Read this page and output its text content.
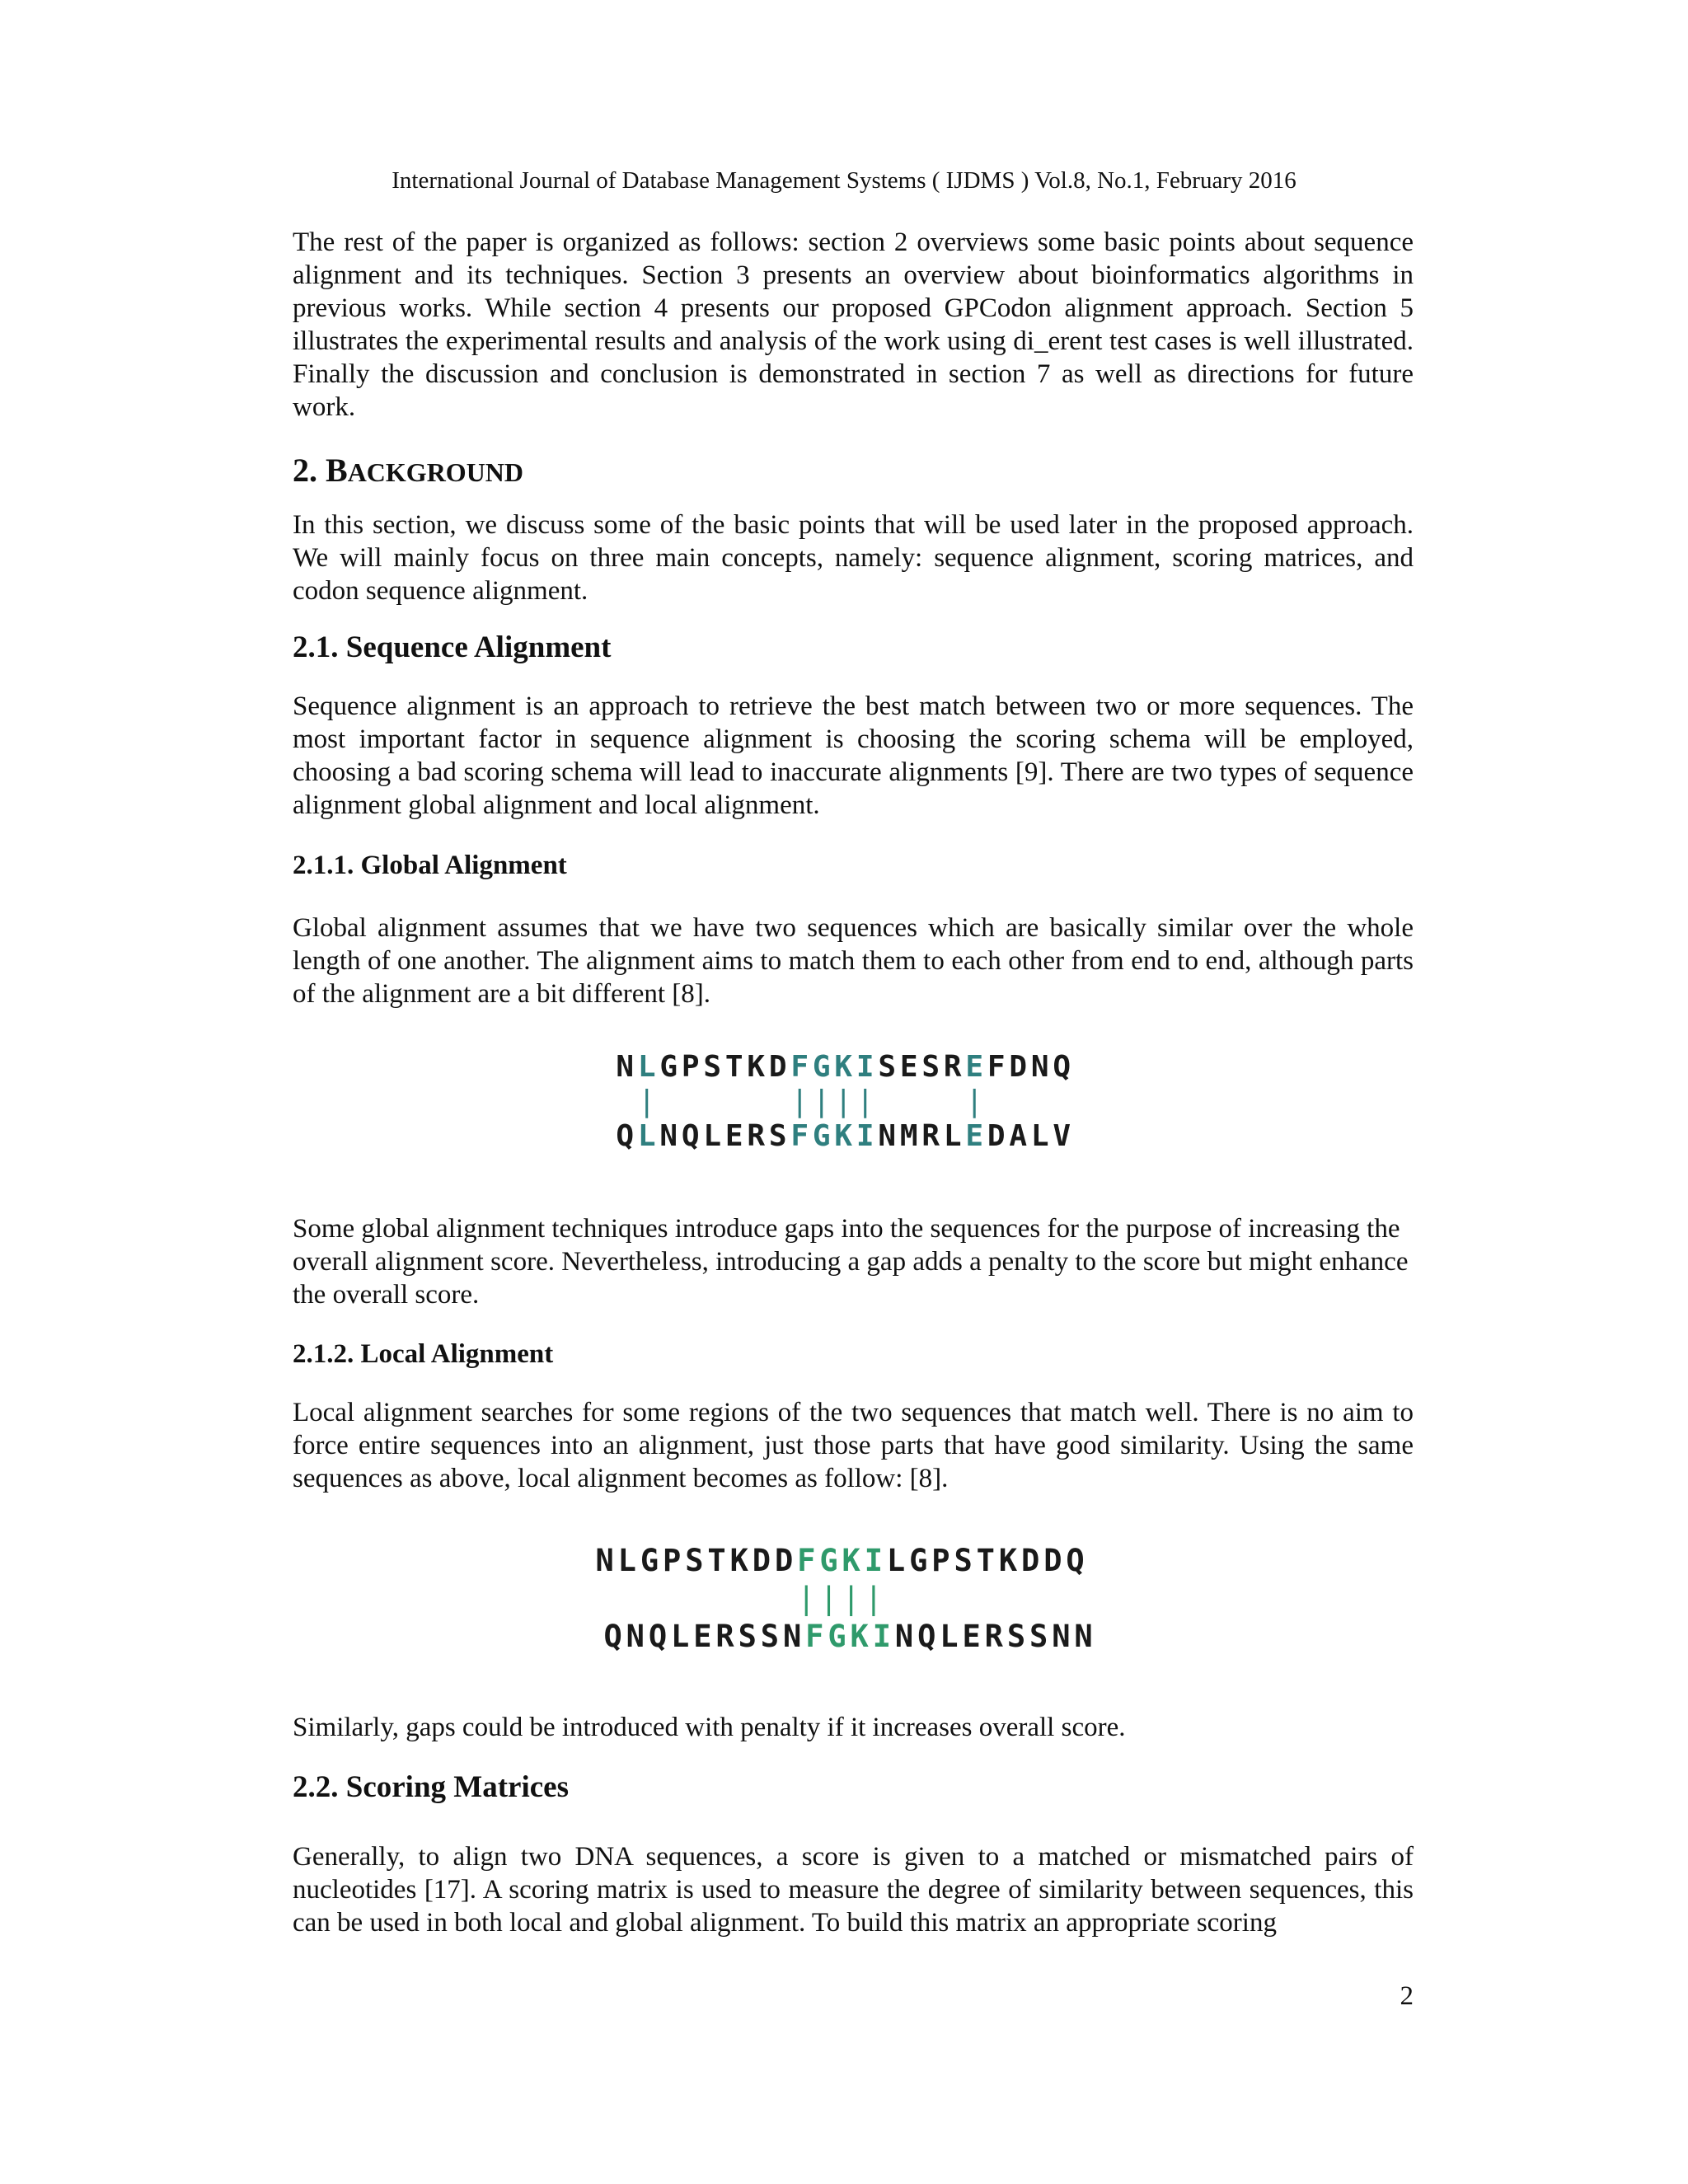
International Journal of Database Management Systems ( IJDMS ) Vol.8, No.1, February 2016

The rest of the paper is organized as follows: section 2 overviews some basic points about sequence alignment and its techniques. Section 3 presents an overview about bioinformatics algorithms in previous works. While section 4 presents our proposed GPCodon alignment approach. Section 5 illustrates the experimental results and analysis of the work using di_erent test cases is well illustrated. Finally the discussion and conclusion is demonstrated in section 7 as well as directions for future work.

2. BACKGROUND

In this section, we discuss some of the basic points that will be used later in the proposed approach. We will mainly focus on three main concepts, namely: sequence alignment, scoring matrices, and codon sequence alignment.

2.1. Sequence Alignment

Sequence alignment is an approach to retrieve the best match between two or more sequences. The most important factor in sequence alignment is choosing the scoring schema will be employed, choosing a bad scoring schema will lead to inaccurate alignments [9]. There are two types of sequence alignment global alignment and local alignment.

2.1.1. Global Alignment

Global alignment assumes that we have two sequences which are basically similar over the whole length of one another. The alignment aims to match them to each other from end to end, although parts of the alignment are a bit different [8].

N L G P S T K D F G K I S E S R E F D N Q
|	| | | |	|
Q L N Q L E R S F G K I N M R L E D A L V

Some global alignment techniques introduce gaps into the sequences for the purpose of increasing the overall alignment score. Nevertheless, introducing a gap adds a penalty to the score but might enhance the overall score.

2.1.2. Local Alignment

Local alignment searches for some regions of the two sequences that match well. There is no aim to force entire sequences into an alignment, just those parts that have good similarity. Using the same sequences as above, local alignment becomes as follow: [8].

N L G P S T K D D F G K I L G P S T K D D Q
| | | |
Q N Q L E R S S N F G K I N Q L E R S S N N

Similarly, gaps could be introduced with penalty if it increases overall score.

2.2. Scoring Matrices

Generally, to align two DNA sequences, a score is given to a matched or mismatched pairs of nucleotides [17]. A scoring matrix is used to measure the degree of similarity between sequences, this can be used in both local and global alignment. To build this matrix an appropriate scoring

2
